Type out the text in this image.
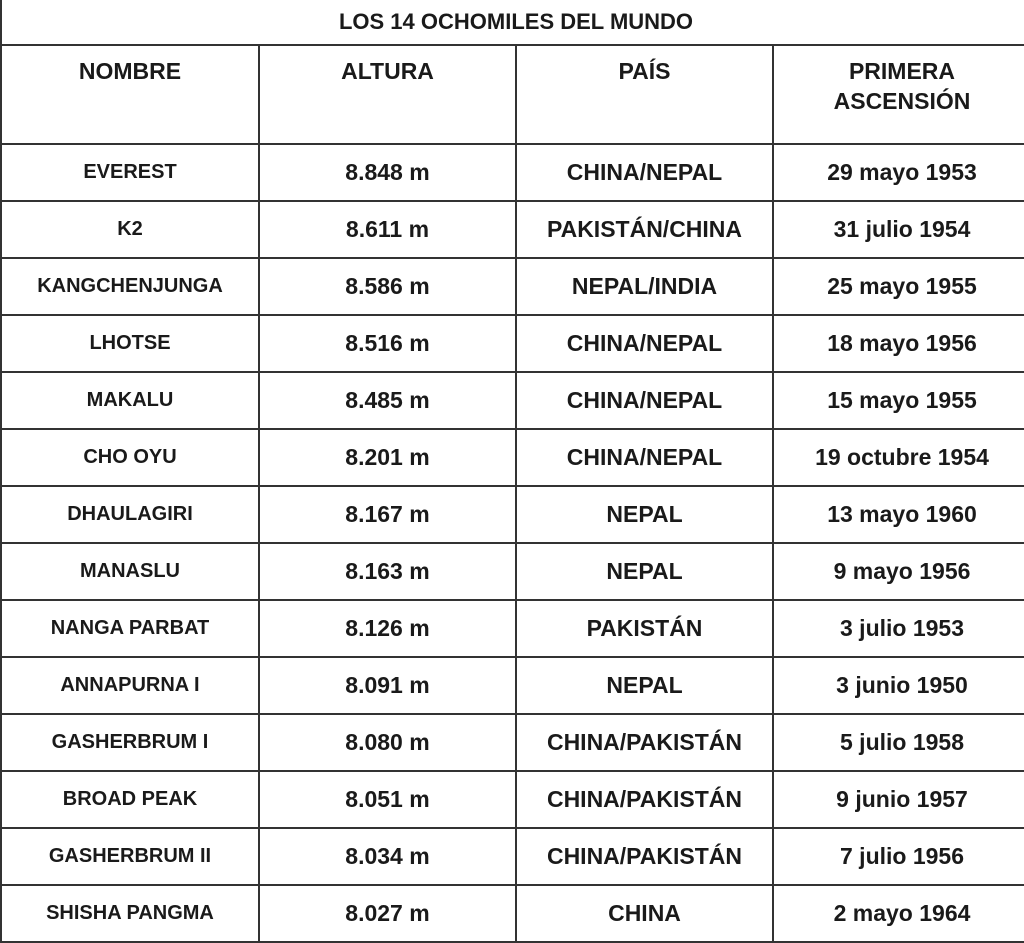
LOS 14 OCHOMILES DEL MUNDO			
NOMBRE	ALTURA	PAÍS	PRIMERA
ASCENSIÓN

EVEREST	8.848 m	CHINA/NEPAL	29 mayo 1953
K2	8.611 m	PAKISTÁN/CHINA	31 julio 1954
KANGCHENJUNGA	8.586 m	NEPAL/INDIA	25 mayo 1955
LHOTSE	8.516 m	CHINA/NEPAL	18 mayo 1956
MAKALU	8.485 m	CHINA/NEPAL	15 mayo 1955
CHO OYU	8.201 m	CHINA/NEPAL	19 octubre 1954
DHAULAGIRI	8.167 m	NEPAL	13 mayo 1960
MANASLU	8.163 m	NEPAL	9 mayo 1956
NANGA PARBAT	8.126 m	PAKISTÁN	3 julio 1953
ANNAPURNA I	8.091 m	NEPAL	3 junio 1950
GASHERBRUM I	8.080 m	CHINA/PAKISTÁN	5 julio 1958
BROAD PEAK	8.051 m	CHINA/PAKISTÁN	9 junio 1957
GASHERBRUM II	8.034 m	CHINA/PAKISTÁN	7 julio 1956
SHISHA PANGMA	8.027 m	CHINA	2 mayo 1964
